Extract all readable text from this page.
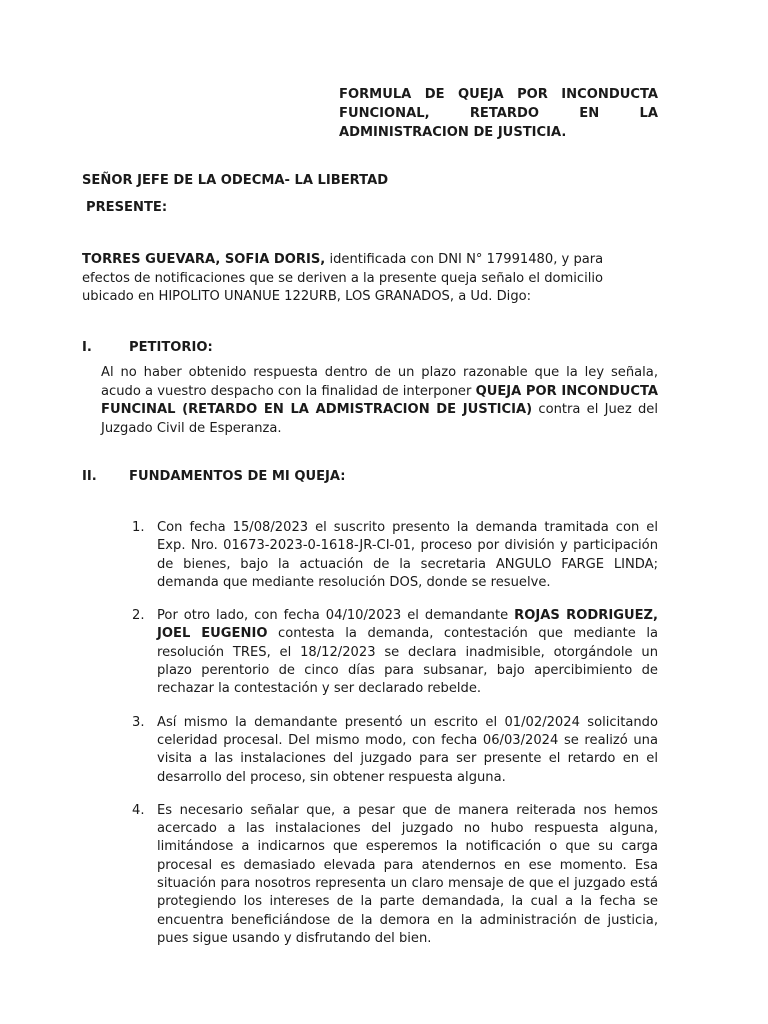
FORMULA DE QUEJA POR INCONDUCTA FUNCIONAL, RETARDO EN LA ADMINISTRACION DE JUSTICIA.

SEÑOR JEFE DE LA ODECMA- LA LIBERTAD

PRESENTE:

TORRES GUEVARA, SOFIA DORIS, identificada con DNI N° 17991480, y para efectos de notificaciones que se deriven a la presente queja señalo el domicilio ubicado en HIPOLITO UNANUE 122URB, LOS GRANADOS, a Ud. Digo:

I.	PETITORIO:

Al no haber obtenido respuesta dentro de un plazo razonable que la ley señala, acudo a vuestro despacho con la finalidad de interponer QUEJA POR INCONDUCTA FUNCINAL (RETARDO EN LA ADMISTRACION DE JUSTICIA) contra el Juez del Juzgado Civil de Esperanza.

II. FUNDAMENTOS DE MI QUEJA:

1. Con fecha 15/08/2023 el suscrito presento la demanda tramitada con el Exp. Nro. 01673-2023-0-1618-JR-CI-01, proceso por división y participación de bienes, bajo la actuación de la secretaria ANGULO FARGE LINDA; demanda que mediante resolución DOS, donde se resuelve.
2. Por otro lado, con fecha 04/10/2023 el demandante ROJAS RODRIGUEZ, JOEL EUGENIO contesta la demanda, contestación que mediante la resolución TRES, el 18/12/2023 se declara inadmisible, otorgándole un plazo perentorio de cinco días para subsanar, bajo apercibimiento de rechazar la contestación y ser declarado rebelde.
3. Así mismo la demandante presentó un escrito el 01/02/2024 solicitando celeridad procesal. Del mismo modo, con fecha 06/03/2024 se realizó una visita a las instalaciones del juzgado para ser presente el retardo en el desarrollo del proceso, sin obtener respuesta alguna.
4. Es necesario señalar que, a pesar que de manera reiterada nos hemos acercado a las instalaciones del juzgado no hubo respuesta alguna, limitándose a indicarnos que esperemos la notificación o que su carga procesal es demasiado elevada para atendernos en ese momento. Esa situación para nosotros representa un claro mensaje de que el juzgado está protegiendo los intereses de la parte demandada, la cual a la fecha se encuentra beneficiándose de la demora en la administración de justicia, pues sigue usando y disfrutando del bien.
